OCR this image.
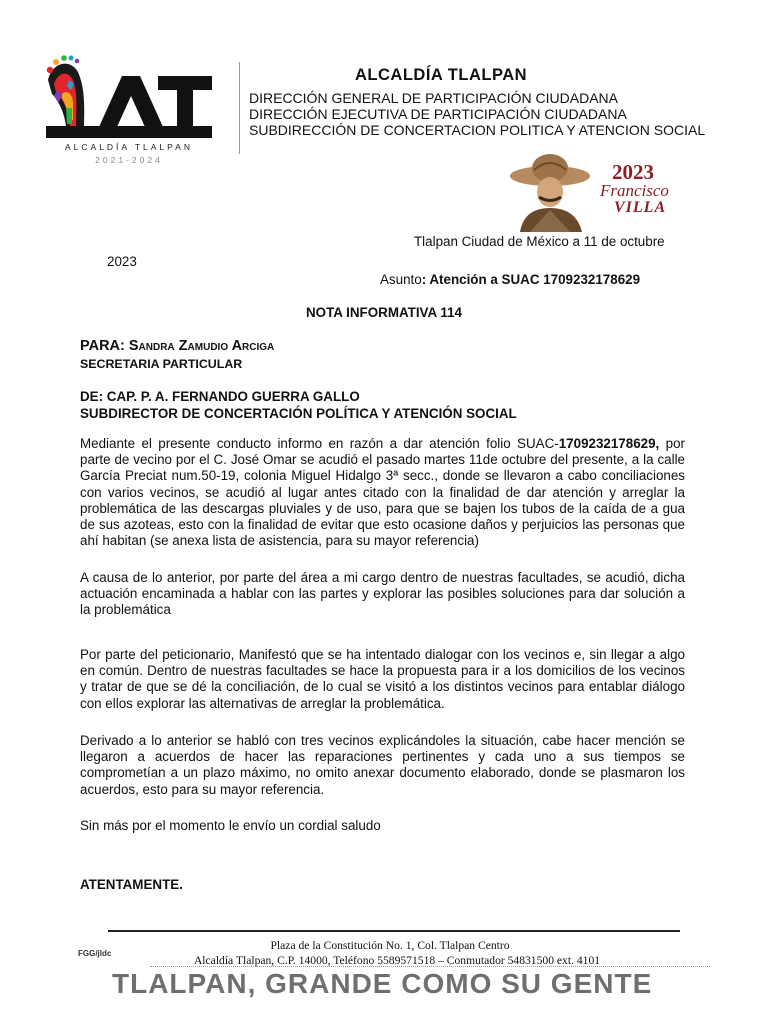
ALCALDÍA TLALPAN
2021-2024
ALCALDÍA TLALPAN
DIRECCIÓN GENERAL DE PARTICIPACIÓN CIUDADANA
DIRECCIÓN EJECUTIVA DE PARTICIPACIÓN CIUDADANA
SUBDIRECCIÓN DE CONCERTACION POLITICA Y ATENCION SOCIAL
2023
Francisco
VILLA
Tlalpan Ciudad de México a 11 de octubre
2023
Asunto: Atención a SUAC 1709232178629
NOTA INFORMATIVA 114
PARA: Sandra Zamudio Arciga
SECRETARIA PARTICULAR
DE: CAP. P. A. FERNANDO GUERRA GALLO
SUBDIRECTOR DE CONCERTACIÓN POLÍTICA Y ATENCIÓN SOCIAL
Mediante el presente conducto informo en razón a dar atención folio SUAC-1709232178629, por parte de vecino por el C. José Omar se acudió el pasado martes 11de octubre del presente, a la calle García Preciat num.50-19, colonia Miguel Hidalgo 3ª secc., donde se llevaron a cabo conciliaciones con varios vecinos, se acudió al lugar antes citado con la finalidad de dar atención y arreglar la problemática de las descargas pluviales y de uso, para que se bajen los tubos de la caída de a gua de sus azoteas, esto con la finalidad de evitar que esto ocasione daños y perjuicios las personas que ahí habitan (se anexa lista de asistencia, para su mayor referencia)
A causa de lo anterior, por parte del área a mi cargo dentro de nuestras facultades, se acudió, dicha actuación encaminada a hablar con las partes y explorar las posibles soluciones para dar solución a la problemática
Por parte del peticionario, Manifestó que se ha intentado dialogar con los vecinos e, sin llegar a algo en común. Dentro de nuestras facultades se hace la propuesta para ir a los domicilios de los vecinos y tratar de que se dé la conciliación, de lo cual se visitó a los distintos vecinos para entablar diálogo con ellos explorar las alternativas de arreglar la problemática.
Derivado a lo anterior se habló con tres vecinos explicándoles la situación, cabe hacer mención se llegaron a acuerdos de hacer las reparaciones pertinentes y cada uno a sus tiempos se comprometían a un plazo máximo, no omito anexar documento elaborado, donde se plasmaron los acuerdos, esto para su mayor referencia.
Sin más por el momento le envío un cordial saludo
ATENTAMENTE.
FGG/jldc
Plaza de la Constitución No. 1, Col. Tlalpan Centro
Alcaldía Tlalpan, C.P. 14000, Teléfono 5589571518 – Conmutador 54831500 ext. 4101
TLALPAN, GRANDE COMO SU GENTE
